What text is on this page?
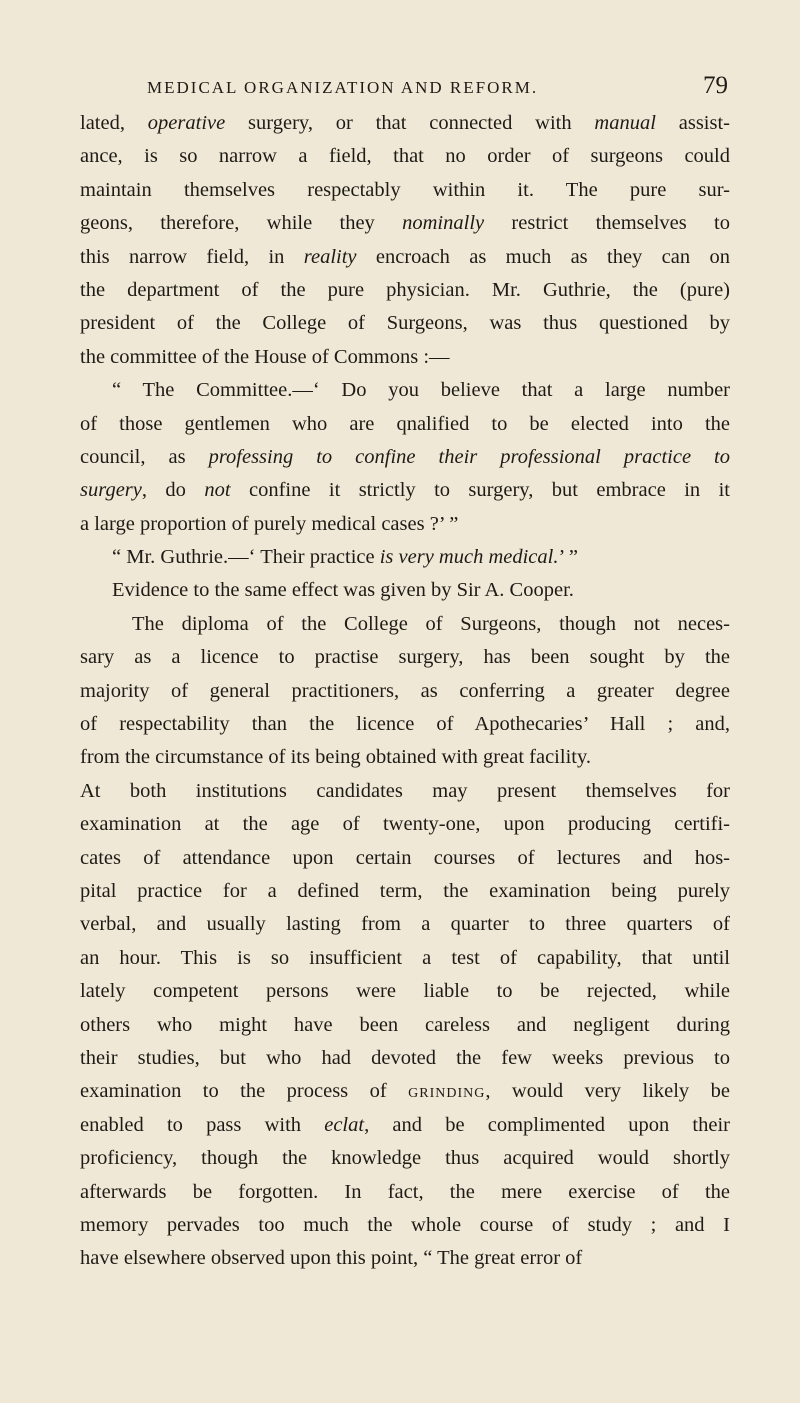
MEDICAL ORGANIZATION AND REFORM.	79
lated, operative surgery, or that connected with manual assist-
ance, is so narrow a field, that no order of surgeons could
maintain themselves respectably within it. The pure sur-
geons, therefore, while they nominally restrict themselves to
this narrow field, in reality encroach as much as they can on
the department of the pure physician. Mr. Guthrie, the (pure)
president of the College of Surgeons, was thus questioned by
the committee of the House of Commons :—
“ The Committee.—‘ Do you believe that a large number
of those gentlemen who are qnalified to be elected into the
council, as professing to confine their professional practice to
surgery, do not confine it strictly to surgery, but embrace in it
a large proportion of purely medical cases ?’ ”
“ Mr. Guthrie.—‘ Their practice is very much medical.’ ”
Evidence to the same effect was given by Sir A. Cooper.
The diploma of the College of Surgeons, though not neces-
sary as a licence to practise surgery, has been sought by the
majority of general practitioners, as conferring a greater degree
of respectability than the licence of Apothecaries’ Hall ; and,
from the circumstance of its being obtained with great facility.
At both institutions candidates may present themselves for
examination at the age of twenty-one, upon producing certifi-
cates of attendance upon certain courses of lectures and hos-
pital practice for a defined term, the examination being purely
verbal, and usually lasting from a quarter to three quarters of
an hour. This is so insufficient a test of capability, that until
lately competent persons were liable to be rejected, while
others who might have been careless and negligent during
their studies, but who had devoted the few weeks previous to
examination to the process of grinding, would very likely be
enabled to pass with eclat, and be complimented upon their
proficiency, though the knowledge thus acquired would shortly
afterwards be forgotten. In fact, the mere exercise of the
memory pervades too much the whole course of study ; and I
have elsewhere observed upon this point, “ The great error of
